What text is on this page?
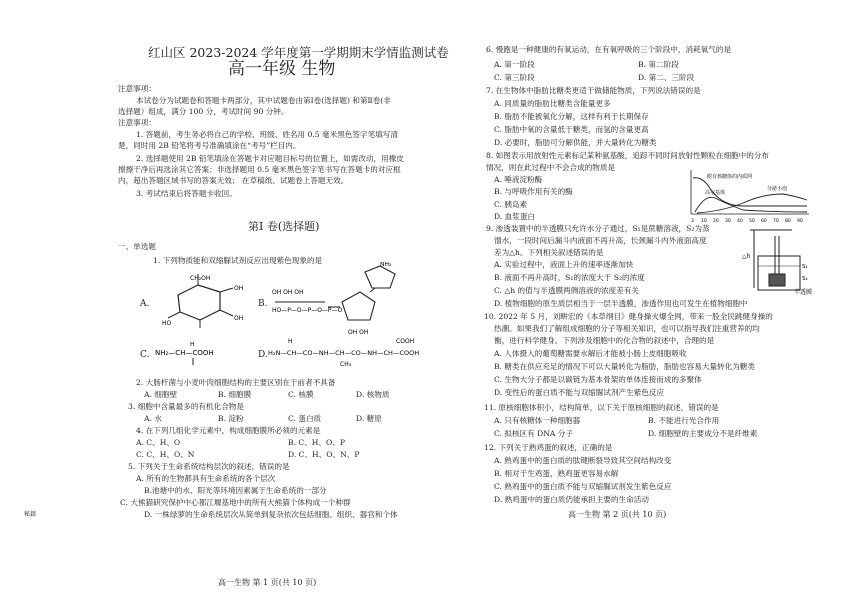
红山区 2023-2024 学年度第一学期期末学情监测试卷
高一年级 生物
注意事项：
本试卷分为试题卷和答题卡两部分，其中试题卷由第Ⅰ卷(选择题) 和第Ⅱ卷(非
选择题）组成，满分 100 分，考试时间 90 分钟。
注意事项：
1. 答题前，考生务必将自己的学校、班级、姓名用 0.5 毫米黑色签字笔填写清
楚，同时用 2B 铅笔将考号准确填涂在“考号”栏目内。
2. 选择题使用 2B 铅笔填涂在答题卡对应题目标号的位置上，如需改动，用橡皮
擦擦干净后再选涂其它答案；非选择题用 0.5 毫米黑色签字笔书写在答题卡的对应框
内，超出答题区域书写的答案无效； 在草稿纸、试题卷上答题无效。
3. 考试结束后将答题卡收回。
第Ⅰ 卷(选择题)
一、单选题
1. 下列物质能和双缩脲试剂反应出现紫色现象的是
A.
CH₂OH
OH
OH
HO
B.
OH OH OH
HO—P—O—P—O—P—O
NH₂
OH OH
C. NH₂—CH—COOH
H
D. H₂N—CH—CO—NH—CH—CO—NH—CH—COOH
H
CH₃
COOH
2. 大肠杆菌与小麦叶肉细胞结构的主要区别在于前者不具备
A. 细胞壁	B. 细胞膜	C. 核膜	D. 核物质
3. 细胞中含量最多的有机化合物是
A. 水	B. 淀粉	C. 蛋白质	D. 糖原
4. 在下列几组化学元素中，构成细胞膜所必须的元素是
A. C、H、O	B. C、H、O、P
C. C、H、O、N	D. C、H、O、N、P
5. 下列关于生命系统结构层次的叙述，错误的是
A. 所有的生物都具有生命系统的各个层次
B.池塘中的水、阳光等环境因素属于生命系统的一部分
C. 大熊猫研究保护中心都江堰基地中的所有大熊猫个体构成一个种群
D. 一株绿萝的生命系统层次从简单到复杂依次包括细胞、组织、器官和个体
秘籍
高一生物 第 1 页(共 10 页)
6. 慢跑是一种健康的有氧运动，在有氧呼吸的三个阶段中，消耗氧气的是
A. 第一阶段	B. 第二阶段
C. 第三阶段	D. 第二、三阶段
7. 在生物体中脂肪比糖类更适于做储能物质，下列说法错误的是
A. 同质量的脂肪比糖类含能量更多
B. 脂肪不能被氧化分解，这样有利于长期保存
C. 脂肪中氧的含量低于糖类，而氢的含量更高
D. 必要时，脂肪可分解供能，并大量转化为糖类
8. 如图表示用放射性元素标记某种氨基酸，追踪不同时间放射性颗粒在细胞中的分布
情况，则在此过程中不会合成的物质是
A. 唾液淀粉酶
B. 与呼吸作用有关的酶
C. 胰岛素
D. 血浆蛋白
附有核糖体的内质网
高尔基体
分泌小泡
3 10 20 30 40 50 60 70 80 90
9. 渗透装置中的半透膜只允许水分子通过，S₁是蔗糖溶液，S₂为蒸
馏水，一段时间后漏斗内液面不再升高，长颈漏斗内外液面高度
差为△h。下列相关叙述错误的是
A. 实验过程中，液面上升的速率逐渐加快
B. 液面不再升高时，S₁的浓度大于 S₂的浓度
C. △h 的值与半透膜两侧溶液的浓度差有关
D. 植物细胞的原生质层相当于一层半透膜，渗透作用也可发生在植物细胞中
△h
S₁
S₂
半透膜
10. 2022 年 5 月，刘畊宏的《本草纲目》健身操火爆全网，带来一股全民跳健身操的
热潮。如果我们了解组成细胞的分子等相关知识，也可以指导我们注重营养的均
衡，进行科学健身。下列涉及细胞中的化合物的叙述中，合理的是
A. 人体摄入的葡萄糖需要水解后才能被小肠上皮细胞吸收
B. 糖类在供应充足的情况下可以大量转化为脂肪，脂肪也容易大量转化为糖类
C. 生物大分子都是以碳链为基本骨架的单体连接而成的多聚体
D. 变性后的蛋白质不能与双缩脲试剂产生紫色反应
11. 原核细胞体积小，结构简单，以下关于原核细胞的叙述，错误的是
A. 只有核糖体一种细胞器	B. 不能进行光合作用
C. 拟核区有 DNA 分子	D. 细胞壁的主要成分不是纤维素
12. 下列关于熟鸡蛋的叙述，正确的是
A. 熟鸡蛋中的蛋白质的肽键断裂导致其空间结构改变
B. 相对于生鸡蛋，熟鸡蛋更容易水解
C. 熟鸡蛋中的蛋白质不能与双缩脲试剂发生紫色反应
D. 熟鸡蛋中的蛋白质仍能承担主要的生命活动
高一生物 第 2 页(共 10 页)
